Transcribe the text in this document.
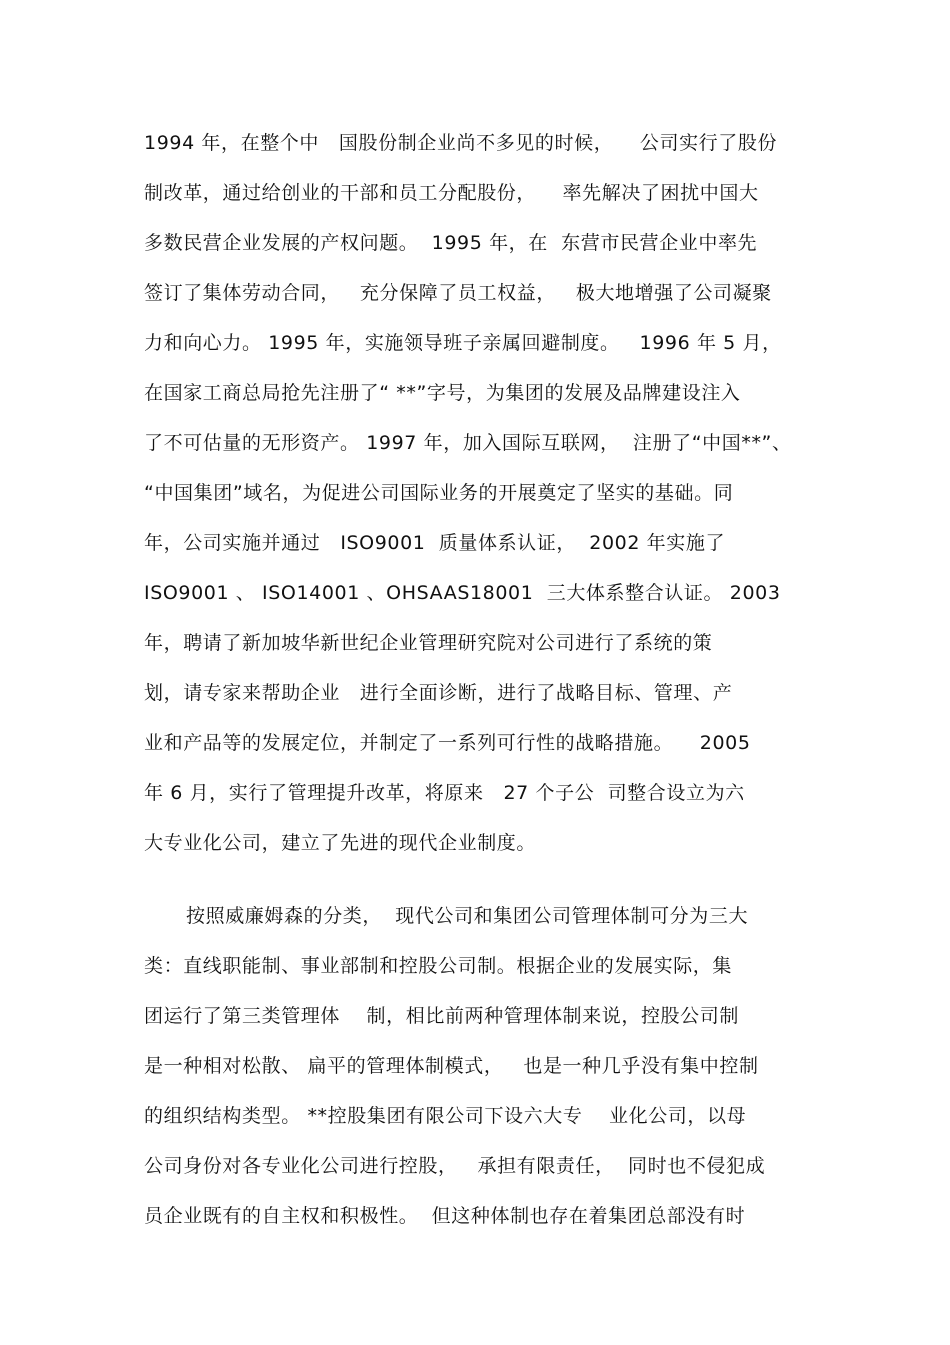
1994 年，在整个中   国股份制企业尚不多见的时候，    公司实行了股份
制改革，通过给创业的干部和员工分配股份，    率先解决了困扰中国大
多数民营企业发展的产权问题。  1995 年，在  东营市民营企业中率先
签订了集体劳动合同，   充分保障了员工权益，   极大地增强了公司凝聚
力和向心力。 1995 年，实施领导班子亲属回避制度。   1996 年 5 月，
在国家工商总局抢先注册了“ **”字号，为集团的发展及品牌建设注入
了不可估量的无形资产。 1997 年，加入国际互联网，  注册了“中国**”、
“中国集团”域名，为促进公司国际业务的开展奠定了坚实的基础。同
年，公司实施并通过   ISO9001  质量体系认证，  2002 年实施了
ISO9001 、 ISO14001 、OHSAAS18001  三大体系整合认证。 2003
年，聘请了新加坡华新世纪企业管理研究院对公司进行了系统的策
划，请专家来帮助企业   进行全面诊断，进行了战略目标、管理、产
业和产品等的发展定位，并制定了一系列可行性的战略措施。    2005
年 6 月，实行了管理提升改革，将原来   27 个子公  司整合设立为六
大专业化公司，建立了先进的现代企业制度。
按照威廉姆森的分类，  现代公司和集团公司管理体制可分为三大
类：直线职能制、事业部制和控股公司制。根据企业的发展实际，集
团运行了第三类管理体    制，相比前两种管理体制来说，控股公司制
是一种相对松散、 扁平的管理体制模式，   也是一种几乎没有集中控制
的组织结构类型。 **控股集团有限公司下设六大专    业化公司，以母
公司身份对各专业化公司进行控股，   承担有限责任，  同时也不侵犯成
员企业既有的自主权和积极性。  但这种体制也存在着集团总部没有时
